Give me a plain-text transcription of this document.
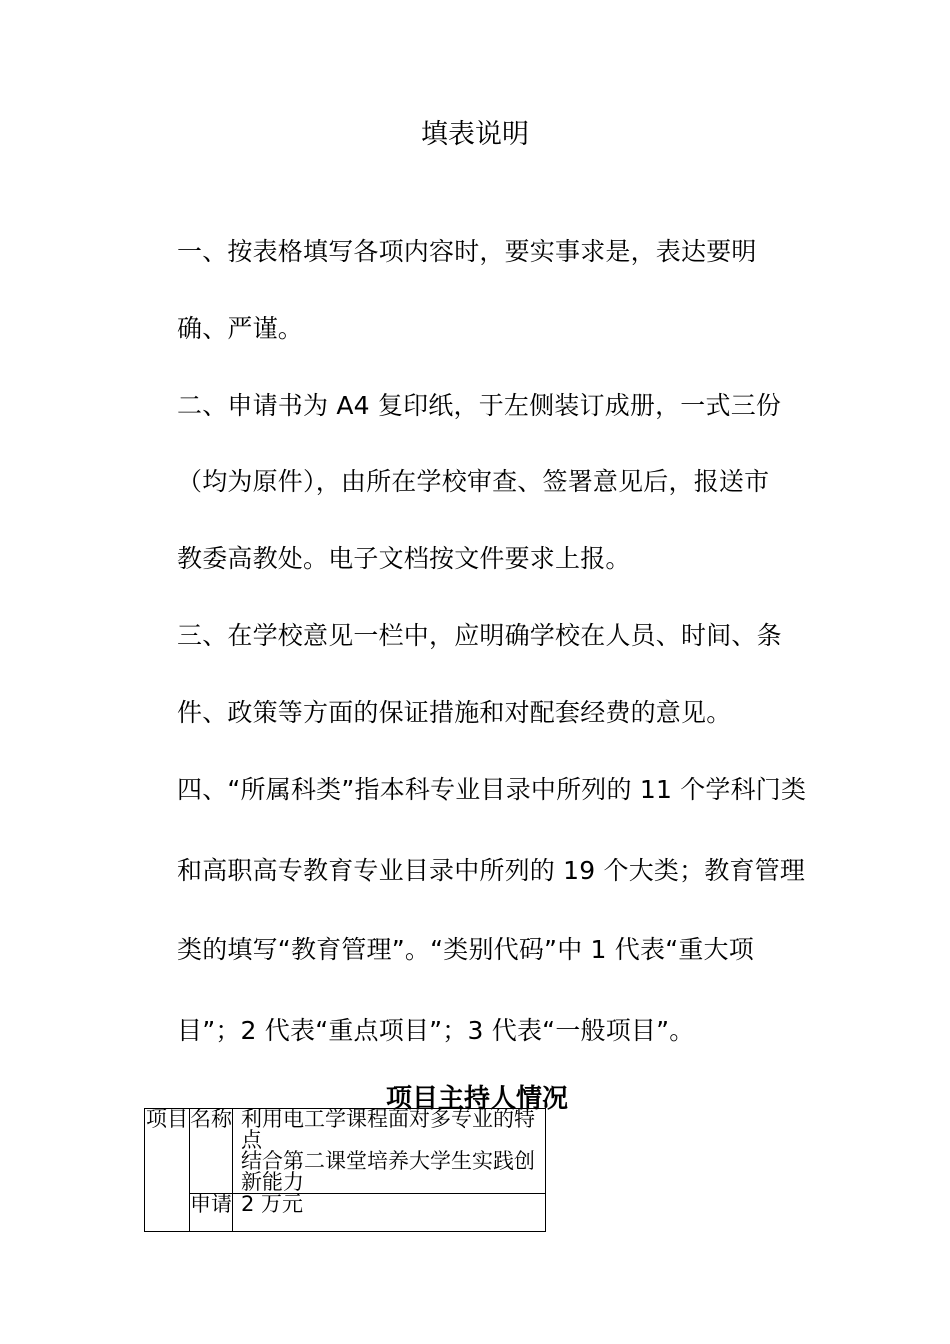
填表说明
一、按表格填写各项内容时，要实事求是，表达要明
确、严谨。
二、申请书为 A4 复印纸，于左侧装订成册，一式三份
（均为原件），由所在学校审查、签署意见后，报送市
教委高教处。电子文档按文件要求上报。
三、在学校意见一栏中，应明确学校在人员、时间、条
件、政策等方面的保证措施和对配套经费的意见。
四、“所属科类”指本科专业目录中所列的 11 个学科门类
和高职高专教育专业目录中所列的 19 个大类；教育管理
类的填写“教育管理”。“类别代码”中 1 代表“重大项
目”；2 代表“重点项目”；3 代表“一般项目”。
项目主持人情况
项目	名称	利用电工学课程面对多专业的特点
结合第二课堂培养大学生实践创新能力

	申请	2 万元
